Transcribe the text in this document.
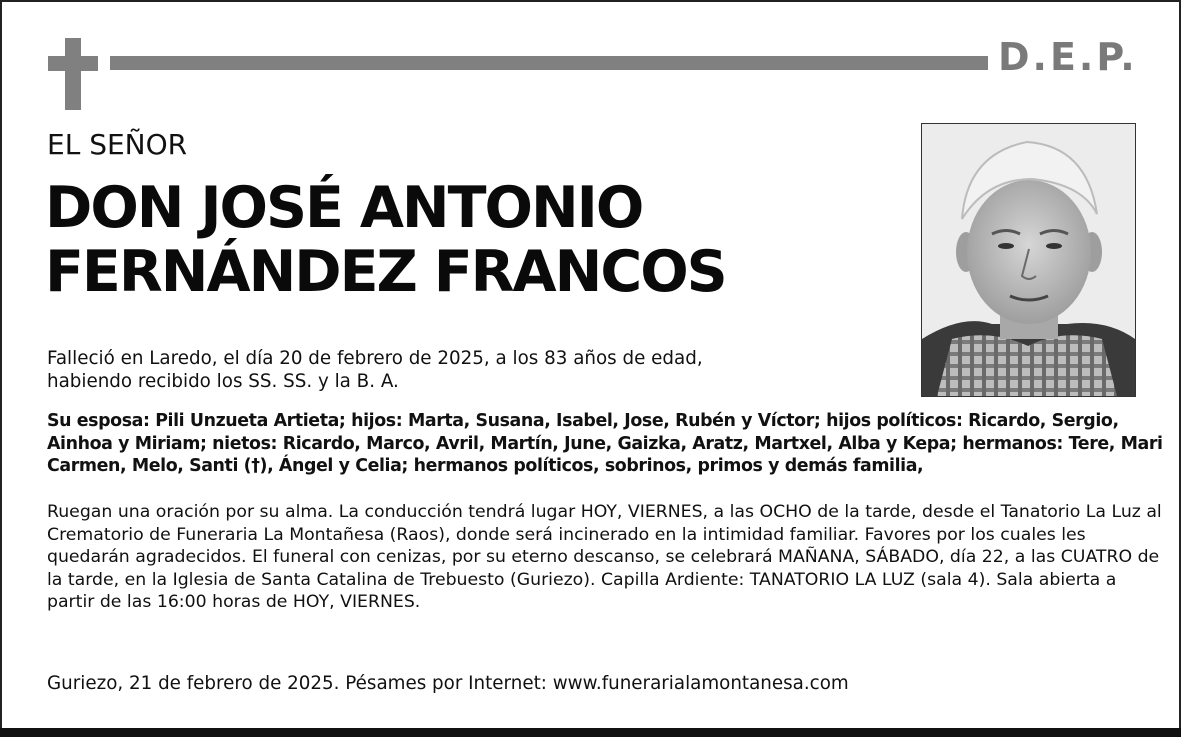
D.E.P.
EL SEÑOR
DON JOSÉ ANTONIO
FERNÁNDEZ FRANCOS

Falleció en Laredo, el día 20 de febrero de 2025, a los 83 años de edad,
habiendo recibido los SS. SS. y la B. A.

Su esposa: Pili Unzueta Artieta; hijos: Marta, Susana, Isabel, Jose, Rubén y Víctor; hijos políticos: Ricardo, Sergio, Ainhoa y Miriam; nietos: Ricardo, Marco, Avril, Martín, June, Gaizka, Aratz, Martxel, Alba y Kepa; hermanos: Tere, Mari Carmen, Melo, Santi (†), Ángel y Celia; hermanos políticos, sobrinos, primos y demás familia,

Ruegan una oración por su alma. La conducción tendrá lugar HOY, VIERNES, a las OCHO de la tarde, desde el Tanatorio La Luz al Crematorio de Funeraria La Montañesa (Raos), donde será incinerado en la intimidad familiar. Favores por los cuales les quedarán agradecidos. El funeral con cenizas, por su eterno descanso, se celebrará MAÑANA, SÁBADO, día 22, a las CUATRO de la tarde, en la Iglesia de Santa Catalina de Trebuesto (Guriezo). Capilla Ardiente: TANATORIO LA LUZ (sala 4). Sala abierta a partir de las 16:00 horas de HOY, VIERNES.

Guriezo, 21 de febrero de 2025. Pésames por Internet: www.funerarialamontanesa.com
